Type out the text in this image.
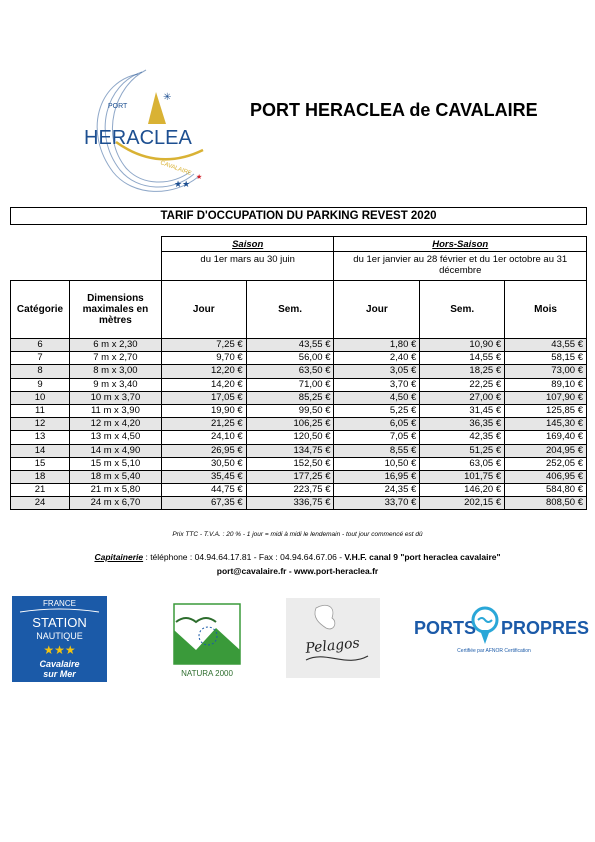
✳
PORT
HERACLEA
CAVALAIRE
★★
★
PORT HERACLEA de CAVALAIRE
TARIF D'OCCUPATION DU PARKING REVEST 2020
		Saison		Hors-Saison		
		du 1er mars au 30 juin		du 1er janvier au 28 février et du 1er octobre au 31 décembre		
Catégorie	Dimensions maximales en mètres	Jour	Sem.	Jour	Sem.	Mois
6	6 m x 2,30	7,25 €	43,55 €	1,80 €	10,90 €	43,55 €
7	7 m x 2,70	9,70 €	56,00 €	2,40 €	14,55 €	58,15 €
8	8 m x 3,00	12,20 €	63,50 €	3,05 €	18,25 €	73,00 €
9	9 m x 3,40	14,20 €	71,00 €	3,70 €	22,25 €	89,10 €
10	10 m x 3,70	17,05 €	85,25 €	4,50 €	27,00 €	107,90 €
11	11 m x 3,90	19,90 €	99,50 €	5,25 €	31,45 €	125,85 €
12	12 m x 4,20	21,25 €	106,25 €	6,05 €	36,35 €	145,30 €
13	13 m x 4,50	24,10 €	120,50 €	7,05 €	42,35 €	169,40 €
14	14 m x 4,90	26,95 €	134,75 €	8,55 €	51,25 €	204,95 €
15	15 m x 5,10	30,50 €	152,50 €	10,50 €	63,05 €	252,05 €
18	18 m x 5,40	35,45 €	177,25 €	16,95 €	101,75 €	406,95 €
21	21 m x 5,80	44,75 €	223,75 €	24,35 €	146,20 €	584,80 €
24	24 m x 6,70	67,35 €	336,75 €	33,70 €	202,15 €	808,50 €
Prix TTC - T.V.A. : 20 % - 1 jour = midi à midi le lendemain - tout jour commencé est dû
Capitainerie : téléphone : 04.94.64.17.81 - Fax : 04.94.64.67.06 - V.H.F. canal 9 "port heraclea cavalaire"
port@cavalaire.fr - www.port-heraclea.fr
FRANCE
STATION
NAUTIQUE
★★★
Cavalaire
sur Mer	NATURA 2000
Pelagos
PORTS PROPRES
Certifiée par AFNOR Certification
